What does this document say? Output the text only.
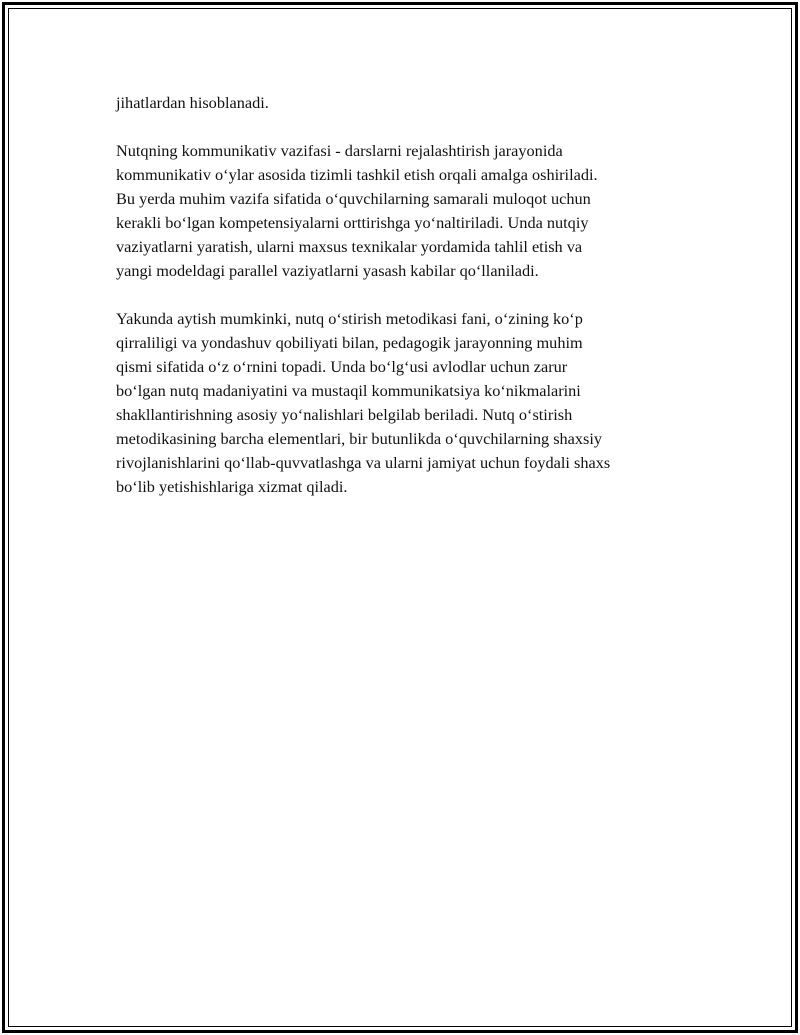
jihatlardan hisoblanadi.

Nutqning kommunikativ vazifasi - darslarni rejalashtirish jarayonida
kommunikativ o‘ylar asosida tizimli tashkil etish orqali amalga oshiriladi.
Bu yerda muhim vazifa sifatida o‘quvchilarning samarali muloqot uchun
kerakli bo‘lgan kompetensiyalarni orttirishga yo‘naltiriladi. Unda nutqiy
vaziyatlarni yaratish, ularni maxsus texnikalar yordamida tahlil etish va
yangi modeldagi parallel vaziyatlarni yasash kabilar qo‘llaniladi.

Yakunda aytish mumkinki, nutq o‘stirish metodikasi fani, o‘zining ko‘p
qirraliligi va yondashuv qobiliyati bilan, pedagogik jarayonning muhim
qismi sifatida o‘z o‘rnini topadi. Unda bo‘lg‘usi avlodlar uchun zarur
bo‘lgan nutq madaniyatini va mustaqil kommunikatsiya ko‘nikmalarini
shakllantirishning asosiy yo‘nalishlari belgilab beriladi. Nutq o‘stirish
metodikasining barcha elementlari, bir butunlikda o‘quvchilarning shaxsiy
rivojlanishlarini qo‘llab-quvvatlashga va ularni jamiyat uchun foydali shaxs
bo‘lib yetishishlariga xizmat qiladi.
